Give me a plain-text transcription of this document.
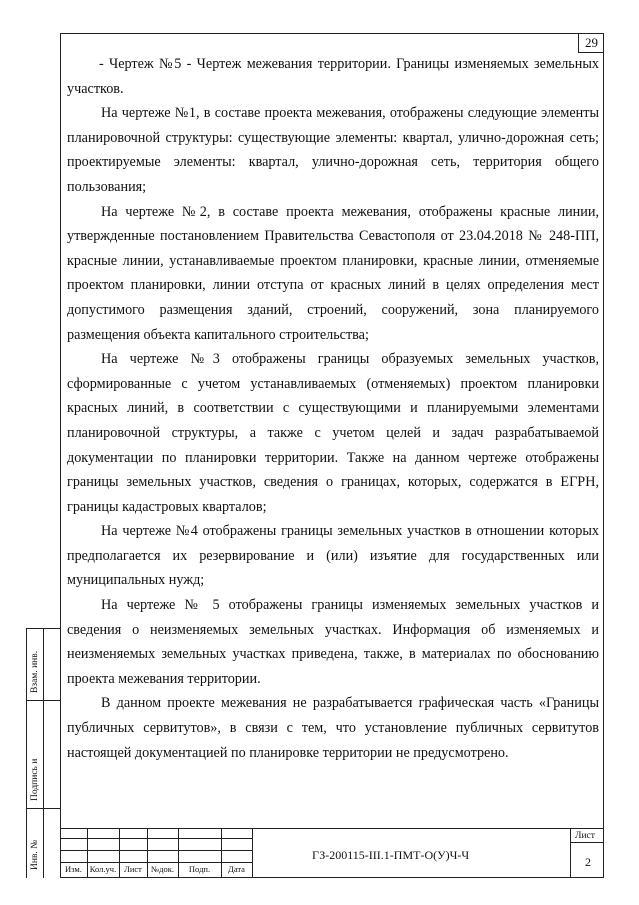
29

- Чертеж №5 - Чертеж межевания территории. Границы изменяемых земельных участков.

На чертеже №1, в составе проекта межевания, отображены следующие элементы планировочной структуры: существующие элементы: квартал, улично-дорожная сеть; проектируемые элементы: квартал, улично-дорожная сеть, территория общего пользования;

На чертеже №2, в составе проекта межевания, отображены красные линии, утвержденные постановлением Правительства Севастополя от 23.04.2018 № 248-ПП, красные линии, устанавливаемые проектом планировки, красные линии, отменяемые проектом планировки, линии отступа от красных линий в целях определения мест допустимого размещения зданий, строений, сооружений, зона планируемого размещения объекта капитального строительства;

На чертеже №3 отображены границы образуемых земельных участков, сформированные с учетом устанавливаемых (отменяемых) проектом планировки красных линий, в соответствии с существующими и планируемыми элементами планировочной структуры, а также с учетом целей и задач разрабатываемой документации по планировки территории. Также на данном чертеже отображены границы земельных участков, сведения о границах, которых, содержатся в ЕГРН, границы кадастровых кварталов;

На чертеже №4 отображены границы земельных участков в отношении которых предполагается их резервирование и (или) изъятие для государственных или муниципальных нужд;

На чертеже № 5 отображены границы изменяемых земельных участков и сведения о неизменяемых земельных участках. Информация об изменяемых и неизменяемых земельных участках приведена, также, в материалах по обоснованию проекта межевания территории.

В данном проекте межевания не разрабатывается графическая часть «Границы публичных сервитутов», в связи с тем, что установление публичных сервитутов настоящей документацией по планировке территории не предусмотрено.

Взам. инв.
Подпись и
Инв. №	Изм. Кол.уч. Лист	№док.	Подп.	Дата
ГЗ-200115-III.1-ПМТ-О(У)Ч-Ч
Лист
2
